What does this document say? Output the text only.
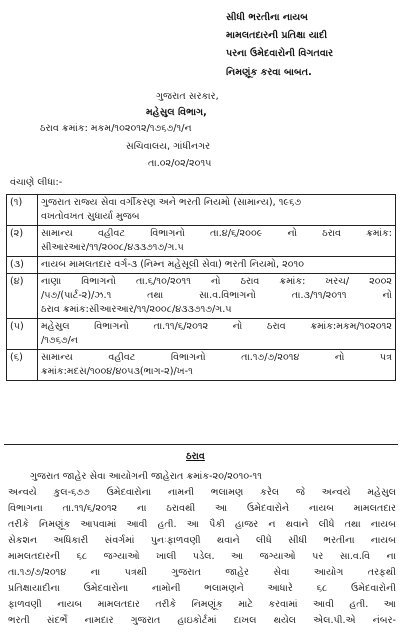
સીધી ભરતીના નાયબ
મામલતદારની પ્રતિક્ષા યાદી
પરના ઉમેદવારોની વિગતવાર
નિમણૂંક કરવા બાબત.
ગુજરાત સરકાર,
મહેસુલ વિભાગ,
ઠરાવ ક્રમાંક: મકમ/૧૦૨૦૧૨/૧૭૬૭/૧/ન
સચિવાલય, ગાંધીનગર
તા.૦૨/૦૨/૨૦૧૫
વંચાણે લીધા:-
(૧)	ગુજરાત રાજ્ય સેવા વર્ગીકરણ અને ભરતી નિયમો (સામાન્ય), ૧૯૬૭
વખતોવખત સુધાર્યા મુજબ

(૨)	સામાન્ય વહીવટ વિભાગનો તા.૪/૬/૨૦૦૯ નો ઠરાવ ક્રમાંક:
સીઆરઆર/૧૧/૨૦૦૮/૪૩૩૭૧૭/ગ.૫

(૩)	નાયબ મામલતદાર વર્ગ-૩ (નિમ્ન મહેસૂલી સેવા) ભરતી નિયમો, ૨૦૧૦

(૪)	નાણા વિભાગનો તા.૬/૧૦/૨૦૧૧ નો ઠરાવ ક્રમાંક: ખરચ/ ૨૦૦૨
/૫૭/(પાર્ટ-૨)/ઝ.૧ તથા સા.વ.વિભાગનો તા.૩/૧૧/૨૦૧૧ નો
ઠરાવ ક્રમાંક:સીઆરઆર/૧૧/૨૦૦૮/૪૩૩૭૧૭/ગ.૫

(૫)	મહેસુલ વિભાગનો તા.૧૧/૬/૨૦૧૨ નો ઠરાવ ક્રમાંક:મકમ/૧૦૨૦૧૨
/૧૭૬૭/ન

(૬)	સામાન્ય વહીવટ વિભાગનો તા.૧૭/૭/૨૦૧૪ નો પત્ર
ક્રમાંક:મદસ/૧૦૦૪/૪૦૫૩(ભાગ-૨)/ખ-૧
ઠરાવ
ગુજરાત જાહેર સેવા આયોગની જાહેરાત ક્રમાંક-૨૦/૨૦૧૦-૧૧
અન્વયે કુલ-૬૭૭ ઉમેદવારોના નામની ભલામણ કરેલ જે અન્વયે મહેસુલ
વિભાગના તા.૧૧/૬/૨૦૧૨ ના ઠરાવથી આ ઉમેદવારોને નાયબ મામલતદાર
તરીકે નિમણૂંક આપવામાં આવી હતી. આ પૈકી હાજર ન થવાને લીધે તથા નાયબ
સેકશન અધિકારી સંવર્ગમાં પુનઃફાળવણી થવાને લીધે સીધી ભરતીના નાયબ
મામલતદારની ૬૮ જગ્યાઓ ખાલી પડેલ. આ જગ્યાઓ પર સા.વ.વિ ના
તા.૧૭/૭/૨૦૧૪ ના પત્રથી ગુજરાત જાહેર સેવા આયોગ તરફથી
પ્રતિક્ષાયાદીના ઉમેદવારોના નામોની ભલામણને આધારે ૬૮ ઉમેદવારોની
ફાળવણી નાયબ મામલતદાર તરીકે નિમણૂંક માટે કરવામાં આવી હતી. આ
ભરતી સંદર્ભે નામદાર ગુજરાત હાઇકોર્ટમાં દાખલ થયેલ એલ.પી.એ નંબર-
